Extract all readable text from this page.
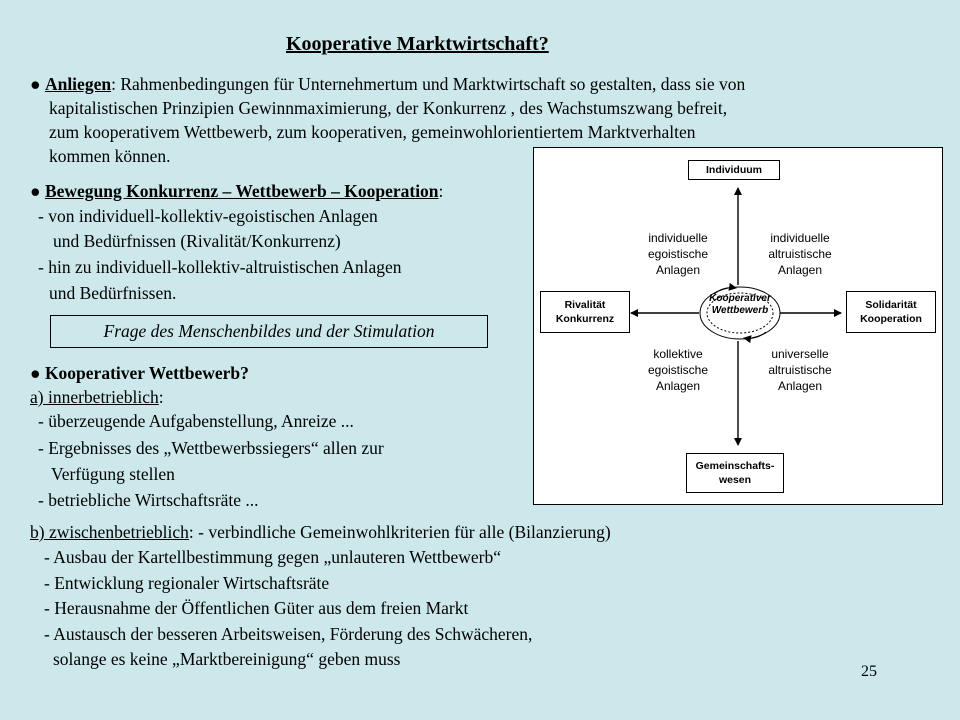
Kooperative Marktwirtschaft?
● Anliegen: Rahmenbedingungen für Unternehmertum und Marktwirtschaft so gestalten, dass sie von
kapitalistischen Prinzipien Gewinnmaximierung, der Konkurrenz , des Wachstumszwang befreit,
zum kooperativem Wettbewerb, zum kooperativen, gemeinwohlorientiertem Marktverhalten
kommen können.
● Bewegung Konkurrenz – Wettbewerb – Kooperation:
- von individuell-kollektiv-egoistischen Anlagen
und Bedürfnissen (Rivalität/Konkurrenz)
- hin zu individuell-kollektiv-altruistischen Anlagen
und Bedürfnissen.
Frage des Menschenbildes und der Stimulation
● Kooperativer Wettbewerb?
a) innerbetrieblich:
- überzeugende Aufgabenstellung, Anreize ...
- Ergebnisses des „Wettbewerbssiegers“ allen zur
Verfügung stellen
- betriebliche Wirtschaftsräte ...
b) zwischenbetrieblich: - verbindliche Gemeinwohlkriterien für alle (Bilanzierung)
- Ausbau der Kartellbestimmung gegen „unlauteren Wettbewerb“
- Entwicklung regionaler Wirtschaftsräte
- Herausnahme der Öffentlichen Güter aus dem freien Markt
- Austausch der besseren Arbeitsweisen, Förderung des Schwächeren,
solange es keine „Marktbereinigung“ geben muss
Individuum
Rivalität
Konkurrenz
Solidarität
Kooperation
Gemeinschafts-
wesen
Kooperativer
Wettbewerb
individuelle
egoistische
Anlagen
individuelle
altruistische
Anlagen
kollektive
egoistische
Anlagen
universelle
altruistische
Anlagen
25
